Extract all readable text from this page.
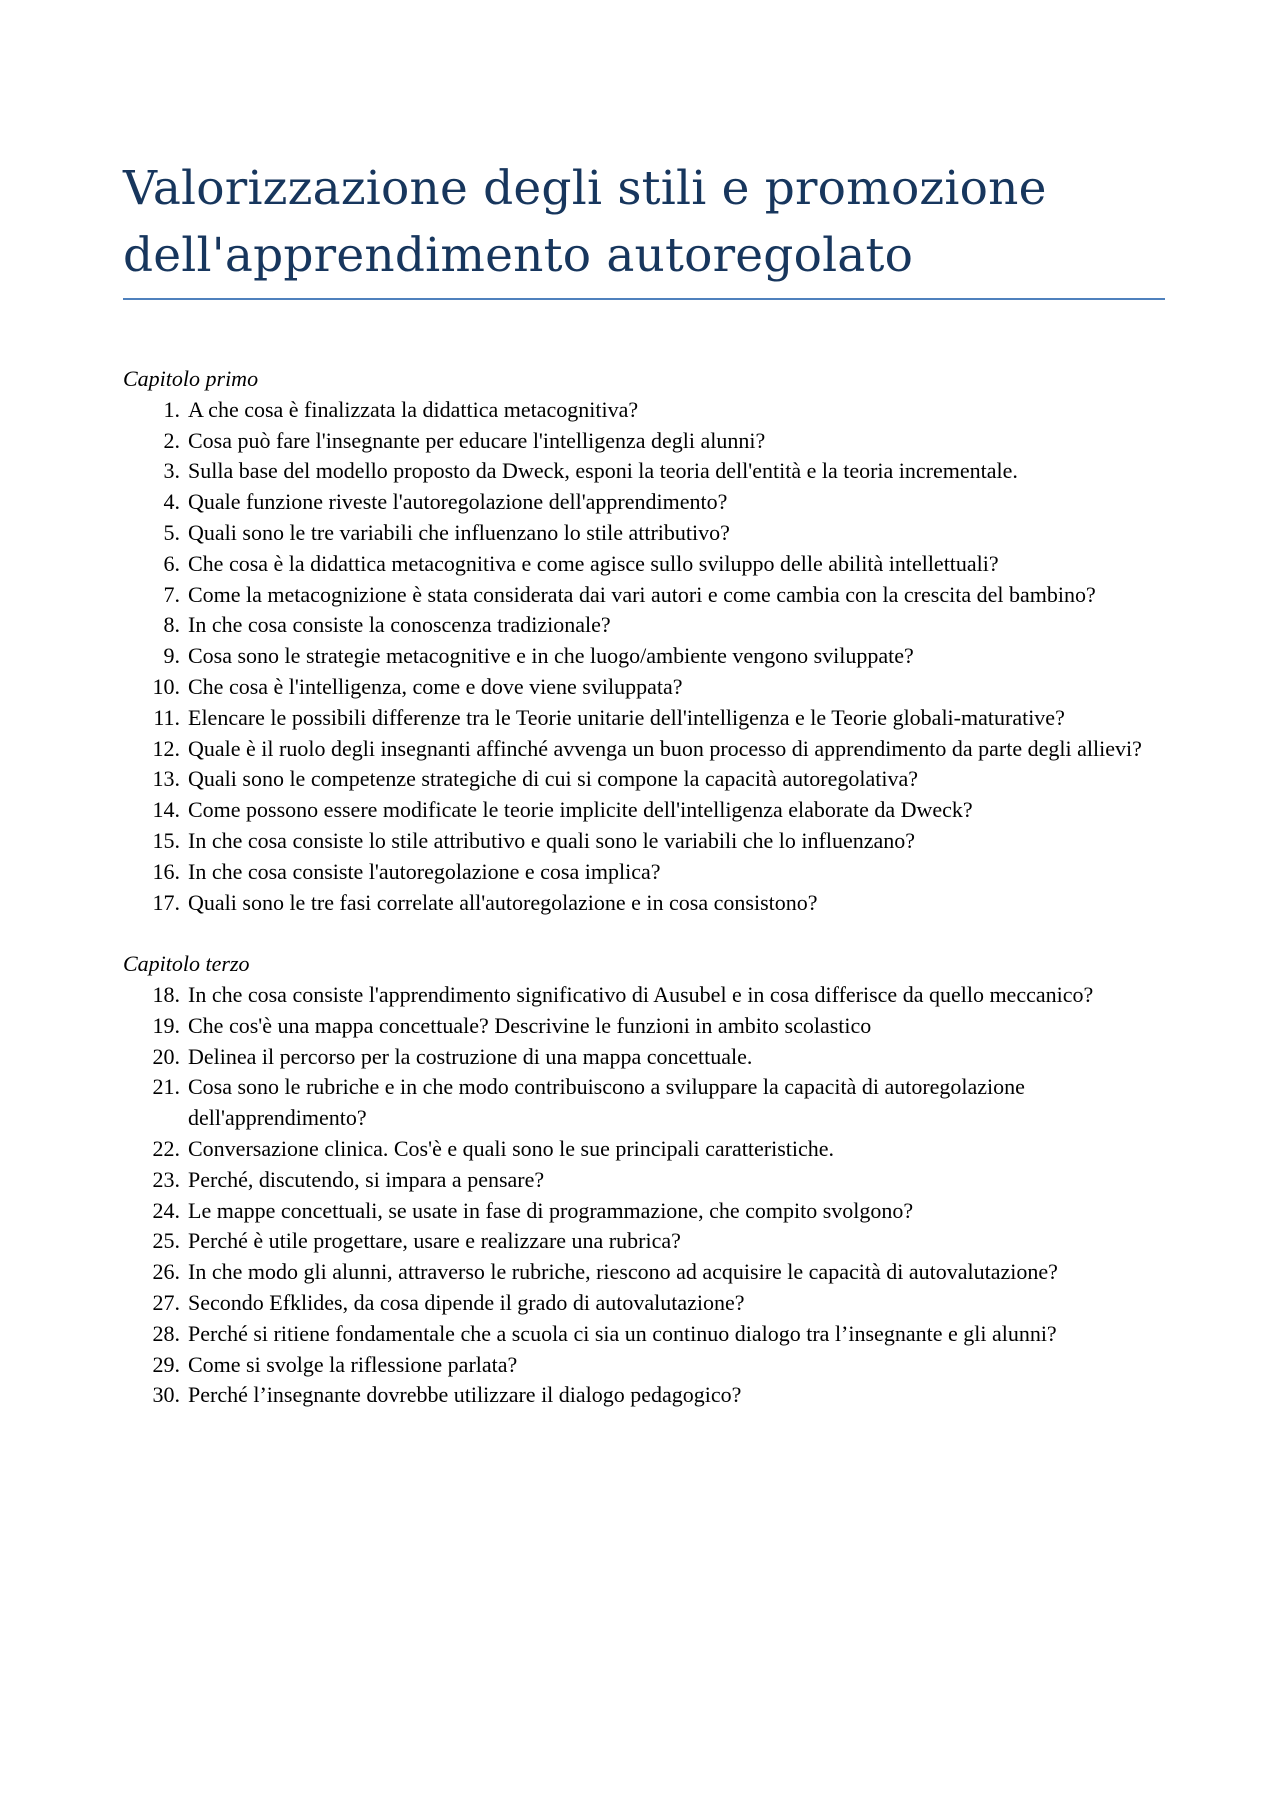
Valorizzazione degli stili e promozione
dell'apprendimento autoregolato
Capitolo primo
1. A che cosa è finalizzata la didattica metacognitiva?
2. Cosa può fare l'insegnante per educare l'intelligenza degli alunni?
3. Sulla base del modello proposto da Dweck, esponi la teoria dell'entità e la teoria incrementale.
4. Quale funzione riveste l'autoregolazione dell'apprendimento?
5. Quali sono le tre variabili che influenzano lo stile attributivo?
6. Che cosa è la didattica metacognitiva e come agisce sullo sviluppo delle abilità intellettuali?
7. Come la metacognizione è stata considerata dai vari autori e come cambia con la crescita del bambino?
8. In che cosa consiste la conoscenza tradizionale?
9. Cosa sono le strategie metacognitive e in che luogo/ambiente vengono sviluppate?
10. Che cosa è l'intelligenza, come e dove viene sviluppata?
11. Elencare le possibili differenze tra le Teorie unitarie dell'intelligenza e le Teorie globali-maturative?
12. Quale è il ruolo degli insegnanti affinché avvenga un buon processo di apprendimento da parte degli allievi?
13. Quali sono le competenze strategiche di cui si compone la capacità autoregolativa?
14. Come possono essere modificate le teorie implicite dell'intelligenza elaborate da Dweck?
15. In che cosa consiste lo stile attributivo e quali sono le variabili che lo influenzano?
16. In che cosa consiste l'autoregolazione e cosa implica?
17. Quali sono le tre fasi correlate all'autoregolazione e in cosa consistono?
Capitolo terzo
18. In che cosa consiste l'apprendimento significativo di Ausubel e in cosa differisce da quello meccanico?
19. Che cos'è una mappa concettuale? Descrivine le funzioni in ambito scolastico
20. Delinea il percorso per la costruzione di una mappa concettuale.
21. Cosa sono le rubriche e in che modo contribuiscono a sviluppare la capacità di autoregolazione dell'apprendimento?
22. Conversazione clinica. Cos'è e quali sono le sue principali caratteristiche.
23. Perché, discutendo, si impara a pensare?
24. Le mappe concettuali, se usate in fase di programmazione, che compito svolgono?
25. Perché è utile progettare, usare e realizzare una rubrica?
26. In che modo gli alunni, attraverso le rubriche, riescono ad acquisire le capacità di autovalutazione?
27. Secondo Efklides, da cosa dipende il grado di autovalutazione?
28. Perché si ritiene fondamentale che a scuola ci sia un continuo dialogo tra l’insegnante e gli alunni?
29. Come si svolge la riflessione parlata?
30. Perché l’insegnante dovrebbe utilizzare il dialogo pedagogico?
